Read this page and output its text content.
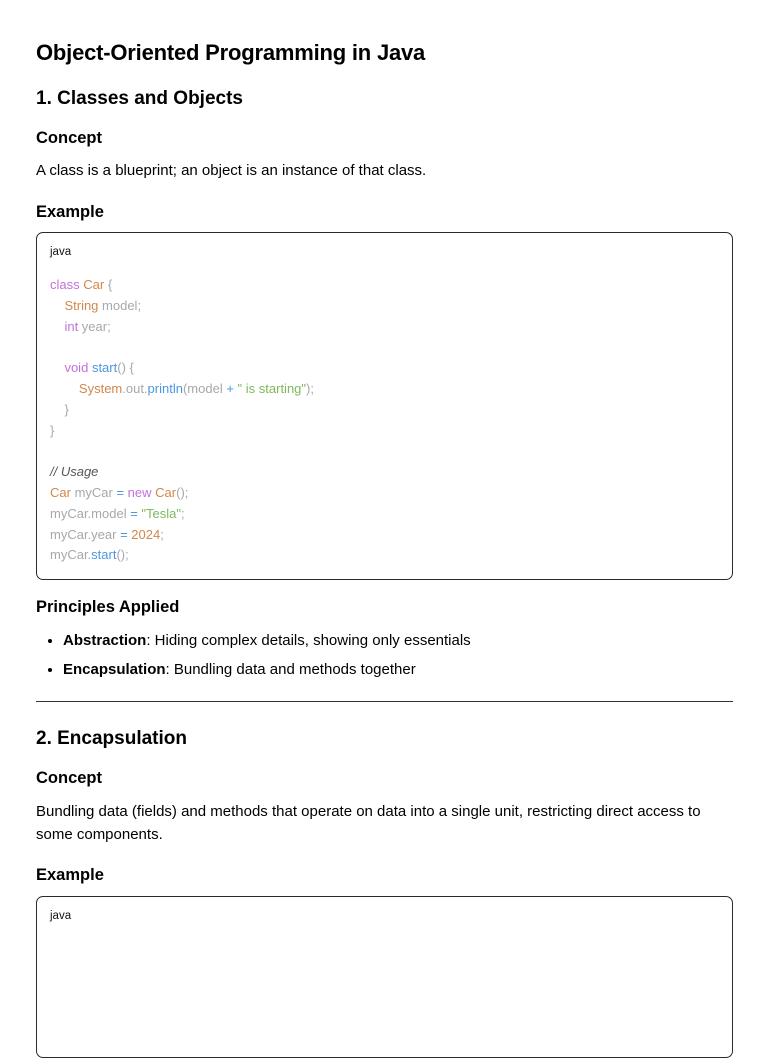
Object-Oriented Programming in Java
1. Classes and Objects
Concept

A class is a blueprint; an object is an instance of that class.

Example
java
class Car {
String model;
int year;
void start() {
System.out.println(model + " is starting");
}
}
// Usage
Car myCar = new Car();
myCar.model = "Tesla";
myCar.year = 2024;
myCar.start();
Principles Applied
• Abstraction: Hiding complex details, showing only essentials
• Encapsulation: Bundling data and methods together
2. Encapsulation
Concept

Bundling data (fields) and methods that operate on data into a single unit, restricting direct access to some components.

Example
java
